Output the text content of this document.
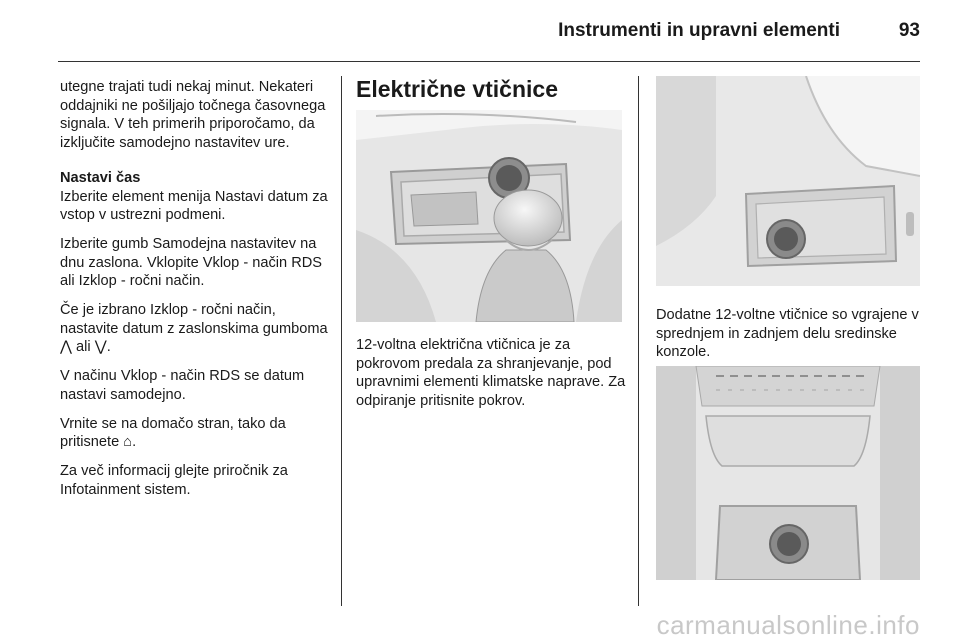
Instrumenti in upravni elementi	93

utegne trajati tudi nekaj minut. Nekateri oddajniki ne pošiljajo točnega časovnega signala. V teh primerih priporočamo, da izklјučite samodejno nastavitev ure.

Nastavi čas

Izberite element menija Nastavi datum za vstop v ustrezni podmeni.

Izberite gumb Samodejna nastavitev na dnu zaslona. Vklopite Vklop - način RDS ali Izklop - ročni način.

Če je izbrano Izklop - ročni način, nastavite datum z zaslonskima gumboma ⋀ ali ⋁.

V načinu Vklop - način RDS se datum nastavi samodejno.

Vrnite se na domačo stran, tako da pritisnete ⌂.

Za več informacij glejte priročnik za Infotainment sistem.

Električne vtičnice

12-voltna električna vtičnica je za pokrovom predala za shranjevanje, pod upravnimi elementi klimatske naprave. Za odpiranje pritisnite pokrov.

Dodatne 12-voltne vtičnice so vgrajene v sprednjem in zadnjem delu sredinske konzole.

carmanualsonline.info
